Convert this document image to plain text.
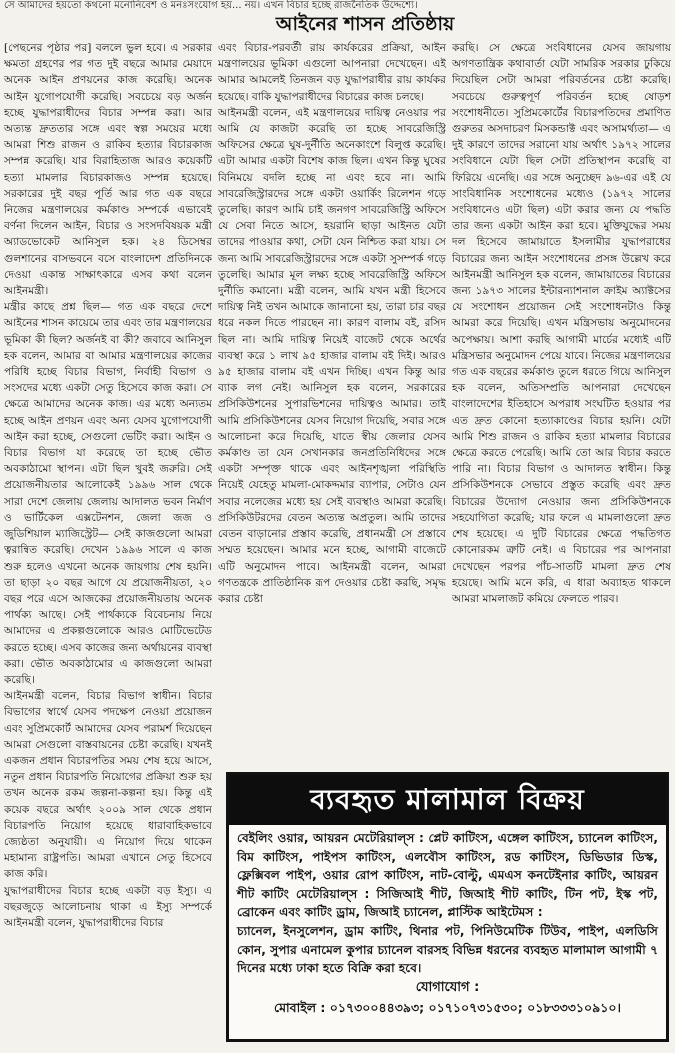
সে আমাদের হয়তো কথনো মনোনিবেশ ও মনঃসংযোগ হয়... নয়। এখন বিচার হচ্ছে রাজনৈতিক উদ্দেশ্যে।
আইনের শাসন প্রতিষ্ঠায়

[পেছনের পৃষ্ঠার পর] বললে ভুল হবে। এ সরকার ক্ষমতা গ্রহণের পর গত দুই বছরে আমার মেয়াদে অনেক আইন প্রণয়নের কাজ করেছি। অনেক আইন যুগোপযোগী করেছি। সবচেয়ে বড় অর্জন হচ্ছে যুদ্ধাপরাধীদের বিচার সম্পন্ন করা। আর অত্যন্ত দ্রুততার সঙ্গে এবং স্বল্প সময়ের মধ্যে আমরা শিশু রাজন ও রাকিব হত্যার বিচারকাজ সম্পন্ন করেছি। যার বিরাহিতাজ আরও কয়েকটি হত্যা মামলার বিচারকাজও সম্পন্ন হয়েছে। সরকারের দুই বছর পূর্তি আর গত এক বছরে নিজের মন্ত্রণালয়ের কর্মকাণ্ড সম্পর্কে এভাবেই বর্ণনা দিলেন আইন, বিচার ও সংসদবিষয়ক মন্ত্রী অ্যাডভোকেট আনিসুল হক। ২৪ ডিসেম্বর গুলশানের বাসভবনে বসে বাংলাদেশ প্রতিদিনকে দেওয়া একান্ত সাক্ষাৎকারে এসব কথা বলেন আইনমন্ত্রী।

মন্ত্রীর কাছে প্রশ্ন ছিল— গত এক বছরে দেশে আইনের শাসন কায়েমে তার এবং তার মন্ত্রণালয়ের ভূমিকা কী ছিল? অর্জনই বা কী? জবাবে আনিসুল হক বলেন, আমার বা আমার মন্ত্রণালয়ের কাজের পরিধি হচ্ছে বিচার বিভাগ, নির্বাহী বিভাগ ও সংসদের মধ্যে একটা সেতু হিসেবে কাজ করা। সে ক্ষেত্রে আমাদের অনেক কাজ। এর মধ্যে অন্যতম হচ্ছে আইন প্রণয়ন এবং অন্য যেসব যুগোপযোগী আইন করা হচ্ছে, সেগুলো ভেটিং করা। আইন ও বিচার বিভাগ যা করেছে তা হচ্ছে ভৌত অবকাঠামো স্থাপন। এটা ছিল খুবই জরুরি। সেই প্রয়োজনীয়তার আলোকেই ১৯৯৬ সাল থেকে সারা দেশে জেলায় জেলায় আদালত ভবন নির্মাণ ও ভার্টিকেল এক্সটেনশন, জেলা জজ ও জুডিশিয়াল ম্যাজিস্ট্রেট— সেই কাজগুলো আমরা ত্বরান্বিত করেছি। দেখেন ১৯৯৬ সালে এ কাজ শুরু হলেও এখনো অনেক জায়গায় শেষ হয়নি। তা ছাড়া ২০ বছর আগে যে প্রয়োজনীয়তা, ২০ বছর পরে এসে আজকের প্রয়োজনীয়তায় অনেক পার্থক্য আছে। সেই পার্থক্যকে বিবেচনায় নিয়ে আমাদের এ প্রকল্পগুলোকে আরও মোটিভেটেড করতে হচ্ছে। এসব কাজের জন্য অর্থায়নের ব্যবস্থা করা। ভৌত অবকাঠামোর এ কাজগুলো আমরা করেছি।

আইনমন্ত্রী বলেন, বিচার বিভাগ স্বাধীন। বিচার বিভাগের স্বার্থে যেসব পদক্ষেপ নেওয়া প্রয়োজন এবং সুপ্রিমকোর্ট আমাদের যেসব পরামর্শ দিয়েছেন আমরা সেগুলো বাস্তবায়নের চেষ্টা করেছি। যখনই একজন প্রধান বিচারপতির সময় শেষ হয়ে আসে, নতুন প্রধান বিচারপতি নিয়োগের প্রক্রিয়া শুরু হয় তখন অনেক রকম জল্পনা-কল্পনা হয়। কিন্তু এই কয়েক বছরে অর্থাৎ ২০০৯ সাল থেকে প্রধান বিচারপতি নিয়োগ হয়েছে ধারাবাহিকভাবে জ্যেষ্ঠতা অনুযায়ী। এ নিয়োগ দিয়ে থাকেন মহামান্য রাষ্ট্রপতি। আমরা এখানে সেতু হিসেবে কাজ করি।

যুদ্ধাপরাধীদের বিচার হচ্ছে একটা বড় ইস্যু। এ বছরজুড়ে আলোচনায় থাকা এ ইস্যু সম্পর্কে আইনমন্ত্রী বলেন, যুদ্ধাপরাধীদের বিচার

এবং বিচার-পরবর্তী রায় কার্যকরের প্রক্রিয়া, আইন মন্ত্রণালয়ের ভূমিকা এগুলো আপনারা দেখেছেন। এই আমার আমলেই তিনজন বড় যুদ্ধাপরাধীর রায় কার্যকর হয়েছে। বাকি যুদ্ধাপরাধীদের বিচারের কাজ চলছে।

আইনমন্ত্রী বলেন, এই মন্ত্রণালয়ের দায়িত্ব নেওয়ার পর আমি যে কাজটা করেছি তা হচ্ছে সাবরেজিস্ট্রি অফিসের ক্ষেত্রে ঘুষ-দুর্নীতি অনেকাংশে বিলুপ্ত করেছি। এটা আমার একটা বিশেষ কাজ ছিল। এখন কিন্তু ঘুষের বিনিময়ে বদলি হচ্ছে না এবং হবে না। আমি সাবরেজিস্ট্রারদের সঙ্গে একটা ওয়ার্কিং রিলেশন গড়ে তুলেছি। কারণ আমি চাই জনগণ সাবরেজিস্ট্রি অফিসে যে সেবা নিতে আসে, হয়রানি ছাড়া আইনত যেটা তাদের পাওয়ার কথা, সেটা যেন নিশ্চিত করা যায়। সে জন্য আমি সাবরেজিস্ট্রারদের সঙ্গে একটা সুসম্পর্ক গড়ে তুলেছি। আমার মূল লক্ষ্য হচ্ছে সাবরেজিস্ট্রি অফিসে দুর্নীতি কমানো। মন্ত্রী বলেন, আমি যখন মন্ত্রী হিসেবে দায়িত্ব নিই তখন আমাকে জানানো হয়, তারা চার বছর ধরে নকল দিতে পারছেন না। কারণ বালাম বই, রসিদ ছিল না। আমি দায়িত্ব নিয়েই বাজেট থেকে অর্থের ব্যবস্থা করে ১ লাখ ৯৫ হাজার বালাম বই দিই। আরও ৯৫ হাজার বালাম বই এখন দিচ্ছি। এখন কিন্তু আর ব্যাক লগ নেই। আনিসুল হক বলেন, সরকারের প্রসিকিউশনের সুপারভিশনের দায়িত্বও আমার। তাই আমি প্রসিকিউশনের যেসব নিয়োগ দিয়েছি, সবার সঙ্গে আলোচনা করে দিয়েছি, যাতে স্বীয় জেলার যেসব কর্মকাণ্ড তা যেন সেখানকার জনপ্রতিনিধিদের সঙ্গে একটা সম্পৃক্ত থাকে এবং আইনশৃঙ্খলা পরিস্থিতি নিয়েই যেহেতু মামলা-মোকদ্দমার ব্যাপার, সেটাও যেন সবার নলেজের মধ্যে হয় সেই ব্যবস্থাও আমরা করেছি। প্রসিকিউটরদের বেতন অত্যন্ত অপ্রতুল। আমি তাদের বেতন বাড়ানোর প্রস্তাব করেছি, প্রধানমন্ত্রী সে প্রস্তাবে সম্মত হয়েছেন। আমার মনে হচ্ছে, আগামী বাজেটে এটি অনুমোদন পাবে। আইনমন্ত্রী বলেন, আমরা গণতন্ত্রকে প্রাতিষ্ঠানিক রূপ দেওয়ার চেষ্টা করছি, সমৃদ্ধ করার চেষ্টা

করছি। সে ক্ষেত্রে সংবিধানের যেসব জায়গায় অগণতান্ত্রিক কথাবার্তা যেটা সামরিক সরকার ঢুকিয়ে দিয়েছিল সেটা আমরা পরিবর্তনের চেষ্টা করেছি। সবচেয়ে গুরুত্বপূর্ণ পরিবর্তন হচ্ছে ষোড়শ সংশোধনীতে। সুপ্রিমকোর্টের বিচারপতিদের প্রমাণিত গুরুতর অসদাচরণ মিসকন্ডাক্ট এবং অসামর্থ্যতা— এ দুই কারণে তাদের সরানো যায় অর্থাৎ ১৯৭২ সালের সংবিধানে যেটা ছিল সেটা প্রতিস্থাপন করেছি বা ফিরিয়ে এনেছি। এর সঙ্গে অনুচ্ছেদ ৯৬-এর এই যে সাংবিধানিক সংশোধনের মধ্যেও (১৯৭২ সালের সংবিধানেও এটা ছিল) এটা করার জন্য যে পদ্ধতি তার জন্য একটা আইন করা হবে। মুক্তিযুদ্ধের সময় দল হিসেবে জামায়াতে ইসলামীর যুদ্ধাপরাধের বিচারের জন্য আইন সংশোধনের প্রসঙ্গ উল্লেখ করে আইনমন্ত্রী আনিসুল হক বলেন, জামায়াতের বিচারের জন্য ১৯৭৩ সালের ইন্টারন্যাশনাল ক্রাইম অ্যাক্টসের যে সংশোধন প্রয়োজন সেই সংশোধনটাও কিন্তু আমরা করে দিয়েছি। এখন মন্ত্রিসভায় অনুমোদনের অপেক্ষায়। আশা করছি আগামী মার্চের মধ্যেই এটি মন্ত্রিসভার অনুমোদন পেয়ে যাবে। নিজের মন্ত্রণালয়ের গত এক বছরের কর্মকাণ্ড তুলে ধরতে গিয়ে আনিসুল হক বলেন, অতিসম্প্রতি আপনারা দেখেছেন বাংলাদেশের ইতিহাসে অপরাধ সংঘটিত হওয়ার পর এত দ্রুত কোনো হত্যাকাণ্ডের বিচার হয়নি। যেটা আমি শিশু রাজন ও রাকিব হত্যা মামলার বিচারের ক্ষেত্রে করতে পেরেছি। আমি তো আর বিচার করতে পারি না। বিচার বিভাগ ও আদালত স্বাধীন। কিন্তু প্রসিকিউশনকে সেভাবে প্রস্তুত করেছি এবং দ্রুত বিচারের উদ্যোগ নেওয়ার জন্য প্রসিকিউশনকে সহযোগিতা করেছি; যার ফলে এ মামলাগুলো দ্রুত শেষ হয়েছে। এ দুটি বিচারের ক্ষেত্রে পদ্ধতিগত কোনোরকম ত্রুটি নেই। এ বিচারের পর আপনারা দেখেছেন পরপর পাঁচ-সাতটি মামলা দ্রুত শেষ হয়েছে। আমি মনে করি, এ ধারা অব্যাহত থাকলে আমরা মামলাজট কমিয়ে ফেলতে পারব।

ব্যবহৃত মালামাল বিক্রয়

বেইলিং ওয়ার, আয়রন মেটেরিয়াল্স : প্লেট কাটিংস, এঙ্গেল কাটিংস, চ্যানেল কাটিংস, বিম কাটিংস, পাইপস কাটিংস, এলবৌস কাটিংস, রড কাটিংস, ডিভিডার ডিস্ক, ফ্লেক্সিবল পাইপ, ওয়ার রোপ কাটিংস, নাট-বোল্টু, এমএস কনটেইনার কাটিং, আয়রন শীট কাটিং মেটেরিয়াল্স : সিজিআই শীট, জিআই শীট কাটিং, টিন পট, ইস্ক পট, ব্রোকেন এবং কাটিং ড্রাম, জিআই চ্যানেল, প্লাস্টিক আইটেমস :

চ্যানেল, ইনসুলেশন, ড্রাম কাটিং, থিনার পট, পিনিউমেটিক টিউব, পাইপ, এলডিসি কোন, সুপার এনামেল কুপার চ্যানেল বারসহ বিভিন্ন ধরনের ব্যবহৃত মালামাল আগামী ৭ দিনের মধ্যে ঢাকা হতে বিক্রি করা হবে।

যোগাযোগ :
মোবাইল : ০১৭৩০০৪৪৩৯৩; ০১৭১০৭৩১৫৩০; ০১৮৩৩৩১০৯১০।
